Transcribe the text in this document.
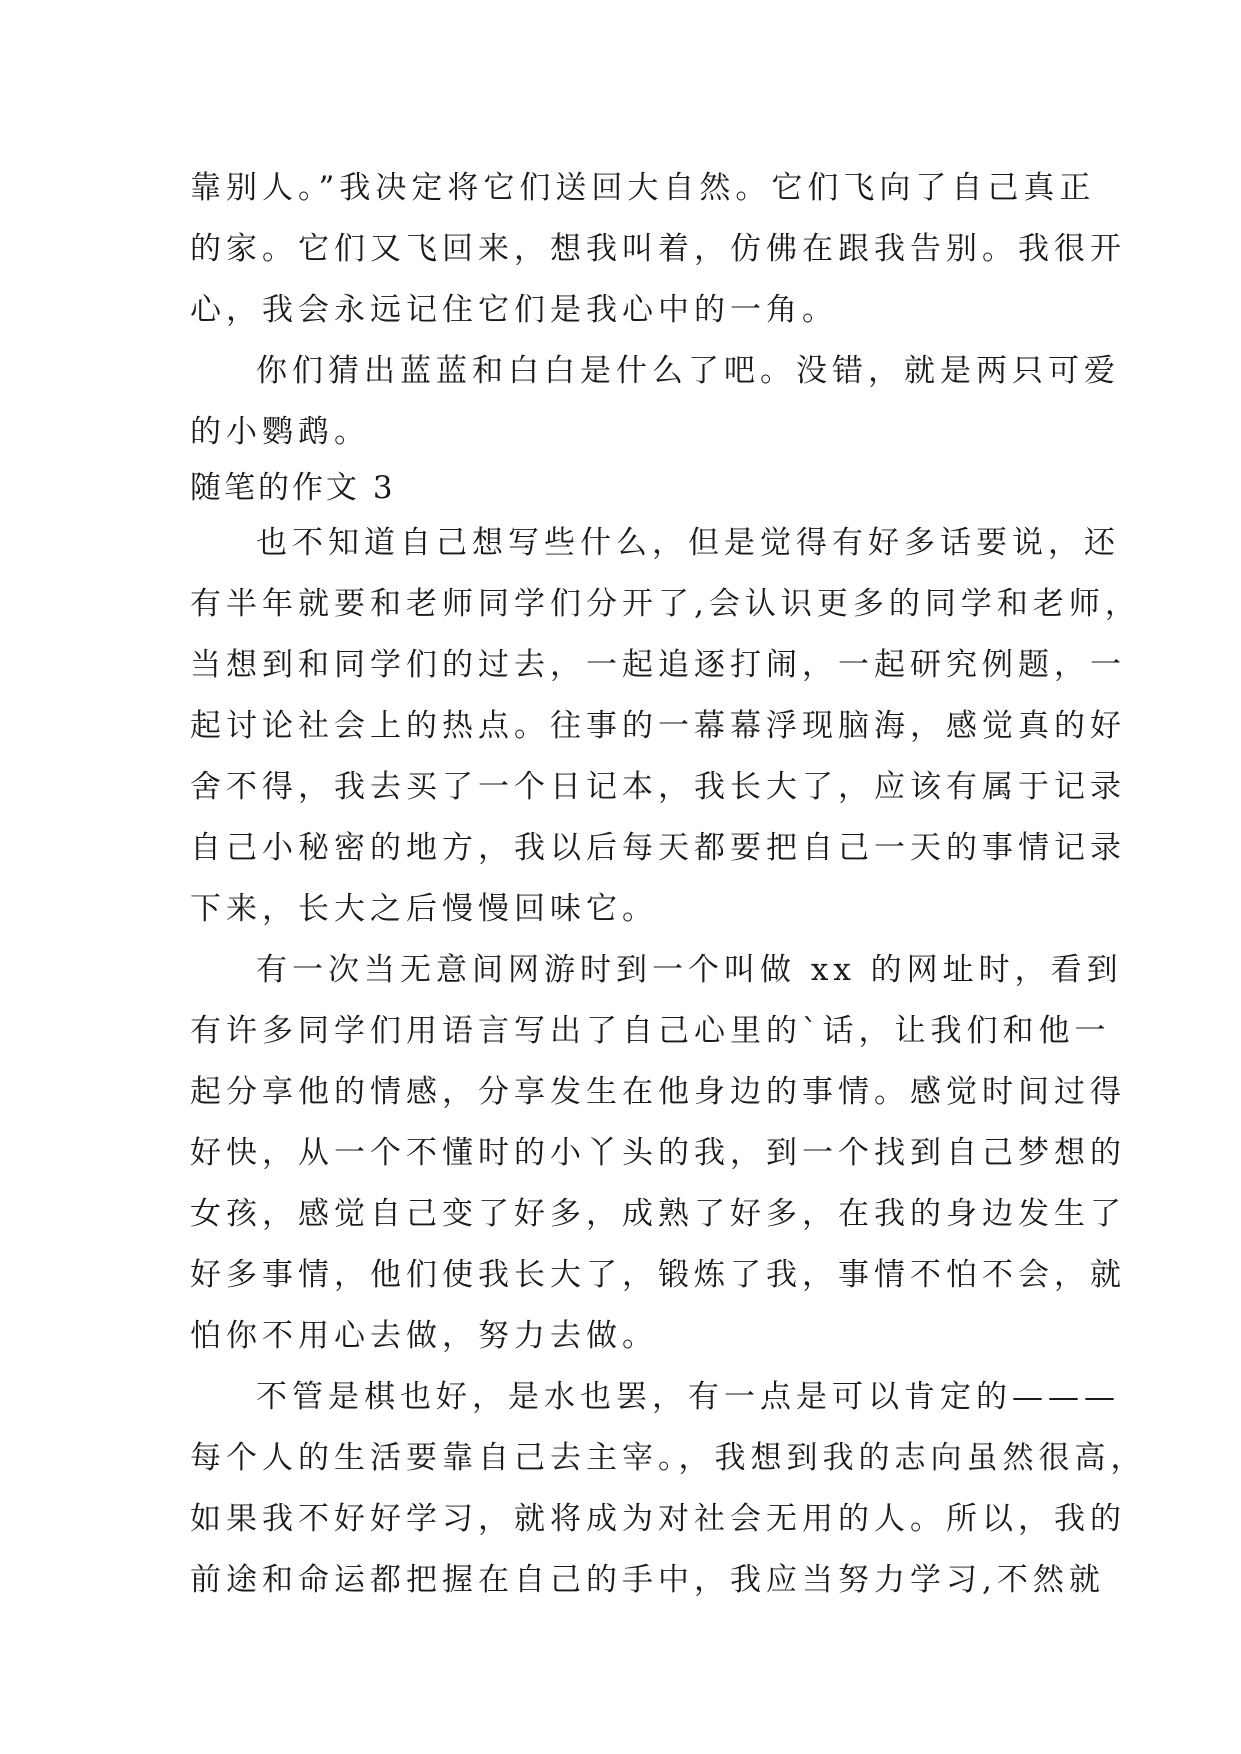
靠别人。”我决定将它们送回大自然。它们飞向了自己真正
的家。它们又飞回来，想我叫着，仿佛在跟我告别。我很开
心，我会永远记住它们是我心中的一角。
你们猜出蓝蓝和白白是什么了吧。没错，就是两只可爱
的小鹦鹉。
随笔的作文 3
也不知道自己想写些什么，但是觉得有好多话要说，还
有半年就要和老师同学们分开了,会认识更多的同学和老师，
当想到和同学们的过去，一起追逐打闹，一起研究例题，一
起讨论社会上的热点。往事的一幕幕浮现脑海，感觉真的好
舍不得，我去买了一个日记本，我长大了，应该有属于记录
自己小秘密的地方，我以后每天都要把自己一天的事情记录
下来，长大之后慢慢回味它。
有一次当无意间网游时到一个叫做 xx 的网址时，看到
有许多同学们用语言写出了自己心里的`话，让我们和他一
起分享他的情感，分享发生在他身边的事情。感觉时间过得
好快，从一个不懂时的小丫头的我，到一个找到自己梦想的
女孩，感觉自己变了好多，成熟了好多，在我的身边发生了
好多事情，他们使我长大了，锻炼了我，事情不怕不会，就
怕你不用心去做，努力去做。
不管是棋也好，是水也罢，有一点是可以肯定的———
每个人的生活要靠自己去主宰。，我想到我的志向虽然很高，
如果我不好好学习，就将成为对社会无用的人。所以，我的
前途和命运都把握在自己的手中，我应当努力学习,不然就
